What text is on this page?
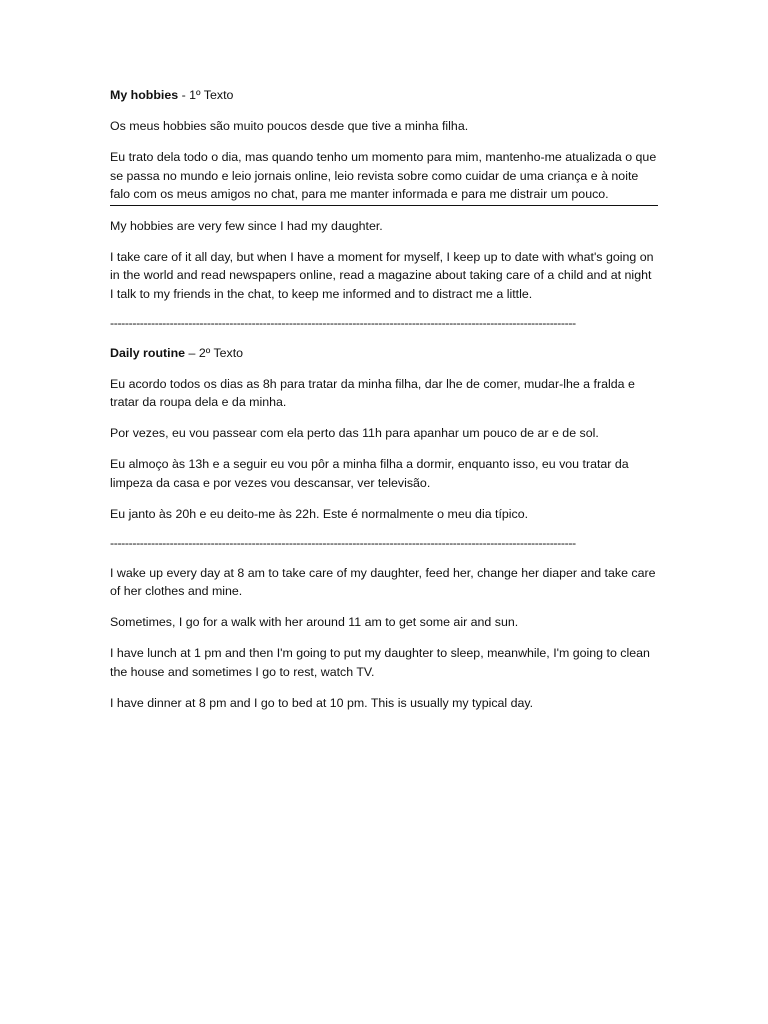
My hobbies - 1º Texto

Os meus hobbies são muito poucos desde que tive a minha filha.

Eu trato dela todo o dia, mas quando tenho um momento para mim, mantenho-me atualizada o que se passa no mundo e leio jornais online, leio revista sobre como cuidar de uma criança e à noite falo com os meus amigos no chat, para me manter informada e para me distrair um pouco.

My hobbies are very few since I had my daughter.

I take care of it all day, but when I have a moment for myself, I keep up to date with what's going on in the world and read newspapers online, read a magazine about taking care of a child and at night I talk to my friends in the chat, to keep me informed and to distract me a little.

-----------------------------------------------------------------------------------------------------------------------------

Daily routine – 2º Texto

Eu acordo todos os dias as 8h para tratar da minha filha, dar lhe de comer, mudar-lhe a fralda e tratar da roupa dela e da minha.

Por vezes, eu vou passear com ela perto das 11h para apanhar um pouco de ar e de sol.

Eu almoço às 13h e a seguir eu vou pôr a minha filha a dormir, enquanto isso, eu vou tratar da limpeza da casa e por vezes vou descansar, ver televisão.

Eu janto às 20h e eu deito-me às 22h. Este é normalmente o meu dia típico.

-----------------------------------------------------------------------------------------------------------------------------

I wake up every day at 8 am to take care of my daughter, feed her, change her diaper and take care of her clothes and mine.

Sometimes, I go for a walk with her around 11 am to get some air and sun.

I have lunch at 1 pm and then I'm going to put my daughter to sleep, meanwhile, I'm going to clean the house and sometimes I go to rest, watch TV.

I have dinner at 8 pm and I go to bed at 10 pm. This is usually my typical day.
